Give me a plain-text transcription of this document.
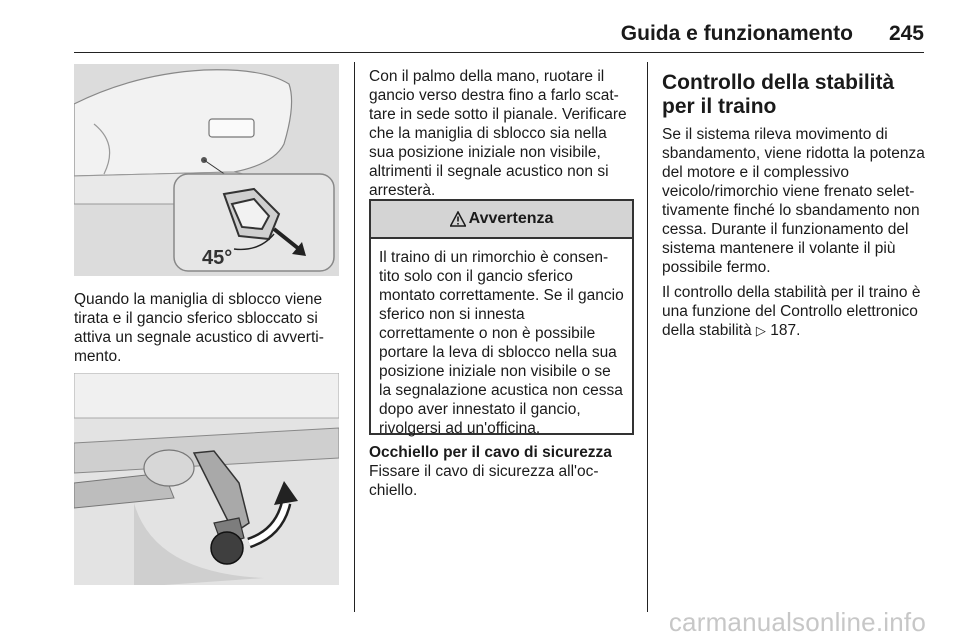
Guida e funzionamento 245
45°

Quando la maniglia di sblocco viene tirata e il gancio sferico sbloccato si attiva un segnale acustico di avverti-mento.

Con il palmo della mano, ruotare il gancio verso destra fino a farlo scat-tare in sede sotto il pianale. Verificare che la maniglia di sblocco sia nella sua posizione iniziale non visibile, altrimenti il segnale acustico non si arresterà.

Avvertenza
Il traino di un rimorchio è consen-tito solo con il gancio sferico montato correttamente. Se il gancio sferico non si innesta correttamente o non è possibile portare la leva di sblocco nella sua posizione iniziale non visibile o se la segnalazione acustica non cessa dopo aver innestato il gancio, rivolgersi ad un'officina.

Occhiello per il cavo di sicurezza

Fissare il cavo di sicurezza all'oc-chiello.

Controllo della stabilità per il traino

Se il sistema rileva movimento di sbandamento, viene ridotta la potenza del motore e il complessivo veicolo/rimorchio viene frenato selet-tivamente finché lo sbandamento non cessa. Durante il funzionamento del sistema mantenere il volante il più possibile fermo.

Il controllo della stabilità per il traino è una funzione del Controllo elettronico della stabilità ▷ 187.

carmanualsonline.info
